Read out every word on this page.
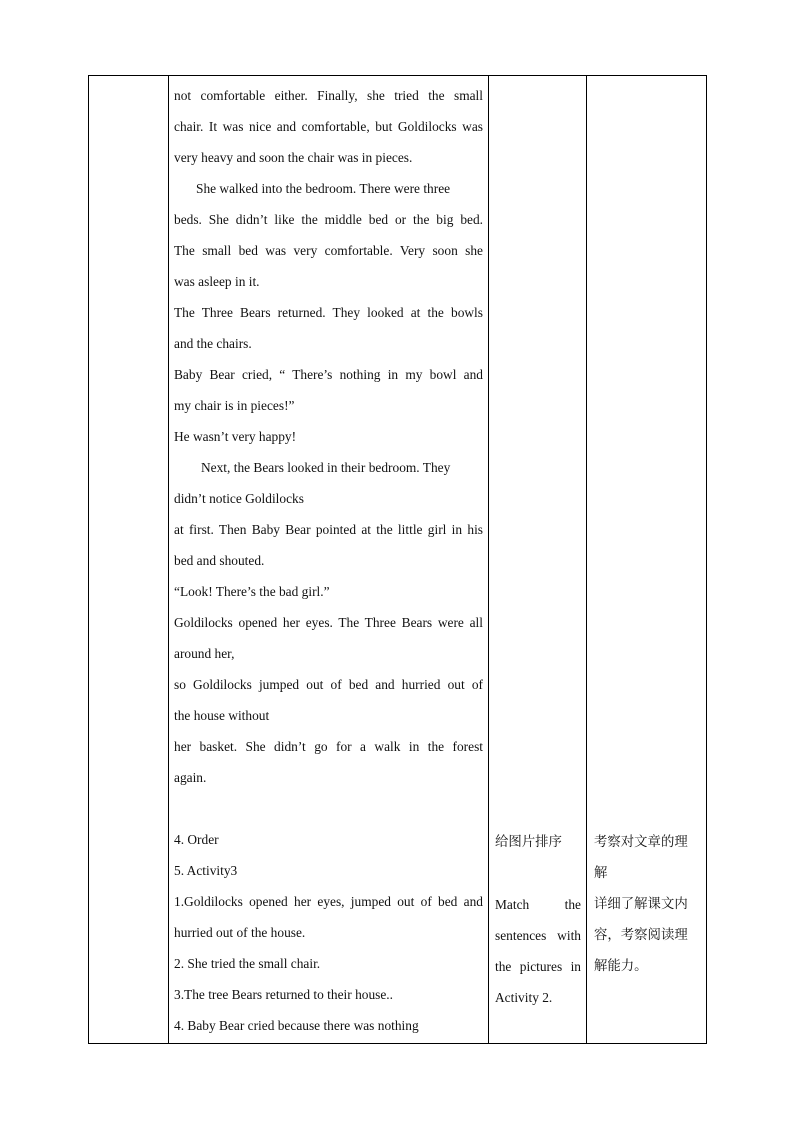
not comfortable either. Finally, she tried the small
chair. It was nice and comfortable, but Goldilocks was
very heavy and soon the chair was in pieces.
She walked into the bedroom. There were three
beds. She didn’t like the middle bed or the big bed.
The small bed was very comfortable. Very soon she
was asleep in it.
The Three Bears returned. They looked at the bowls
and the chairs.
Baby Bear cried, “ There’s nothing in my bowl and
my chair is in pieces!”
He wasn’t very happy!
Next, the Bears looked in their bedroom. They
didn’t notice Goldilocks
at first. Then Baby Bear pointed at the little girl in his
bed and shouted.
“Look! There’s the bad girl.”
Goldilocks opened her eyes. The Three Bears were all
around her,
so Goldilocks jumped out of bed and hurried out of
the house without
her basket. She didn’t go for a walk in the forest
again.
4. Order
5. Activity3
1.Goldilocks opened her eyes, jumped out of bed and
hurried out of the house.
2. She tried the small chair.
3.The tree Bears returned to their house..
4. Baby Bear cried because there was nothing
给图片排序
Match the
sentences with
the pictures in
Activity 2.
考察对文章的理
解
详细了解课文内
容，考察阅读理
解能力。
